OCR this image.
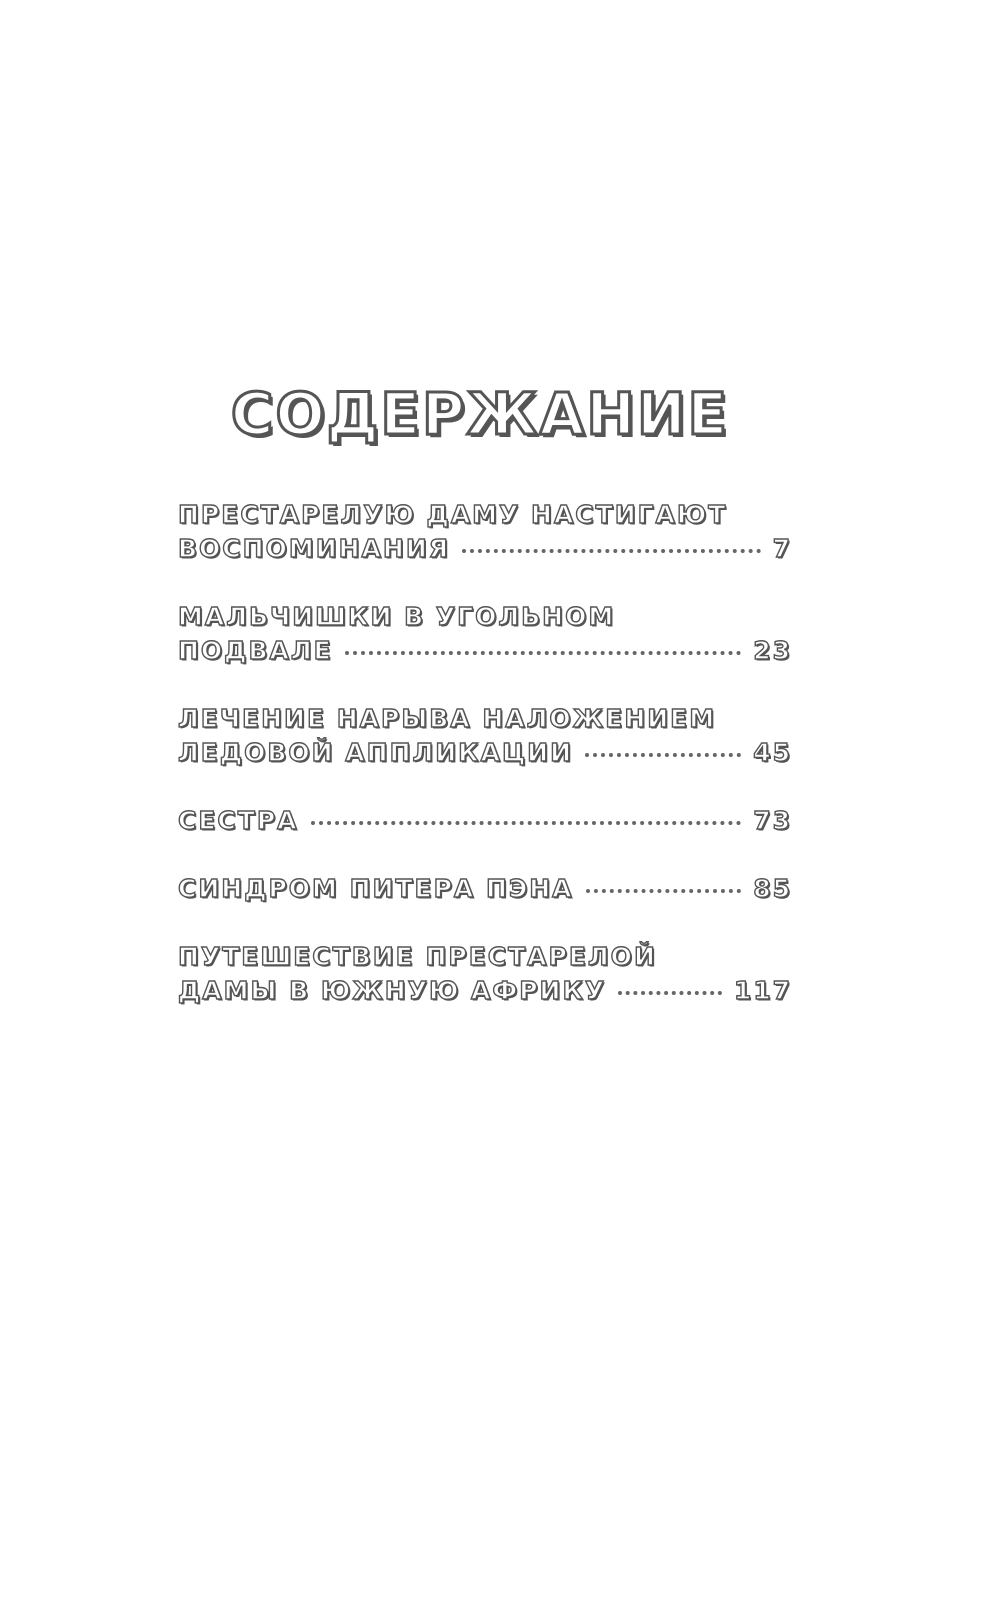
СОДЕРЖАНИЕ
ПРЕСТАРЕЛУЮ ДАМУ НАСТИГАЮТ
ВОСПОМИНАНИЯ	7
МАЛЬЧИШКИ В УГОЛЬНОМ
ПОДВАЛЕ	23
ЛЕЧЕНИЕ НАРЫВА НАЛОЖЕНИЕМ
ЛЕДОВОЙ АППЛИКАЦИИ	45
СЕСТРА	73
СИНДРОМ ПИТЕРА ПЭНА	85
ПУТЕШЕСТВИЕ ПРЕСТАРЕЛОЙ
ДАМЫ В ЮЖНУЮ АФРИКУ	117
